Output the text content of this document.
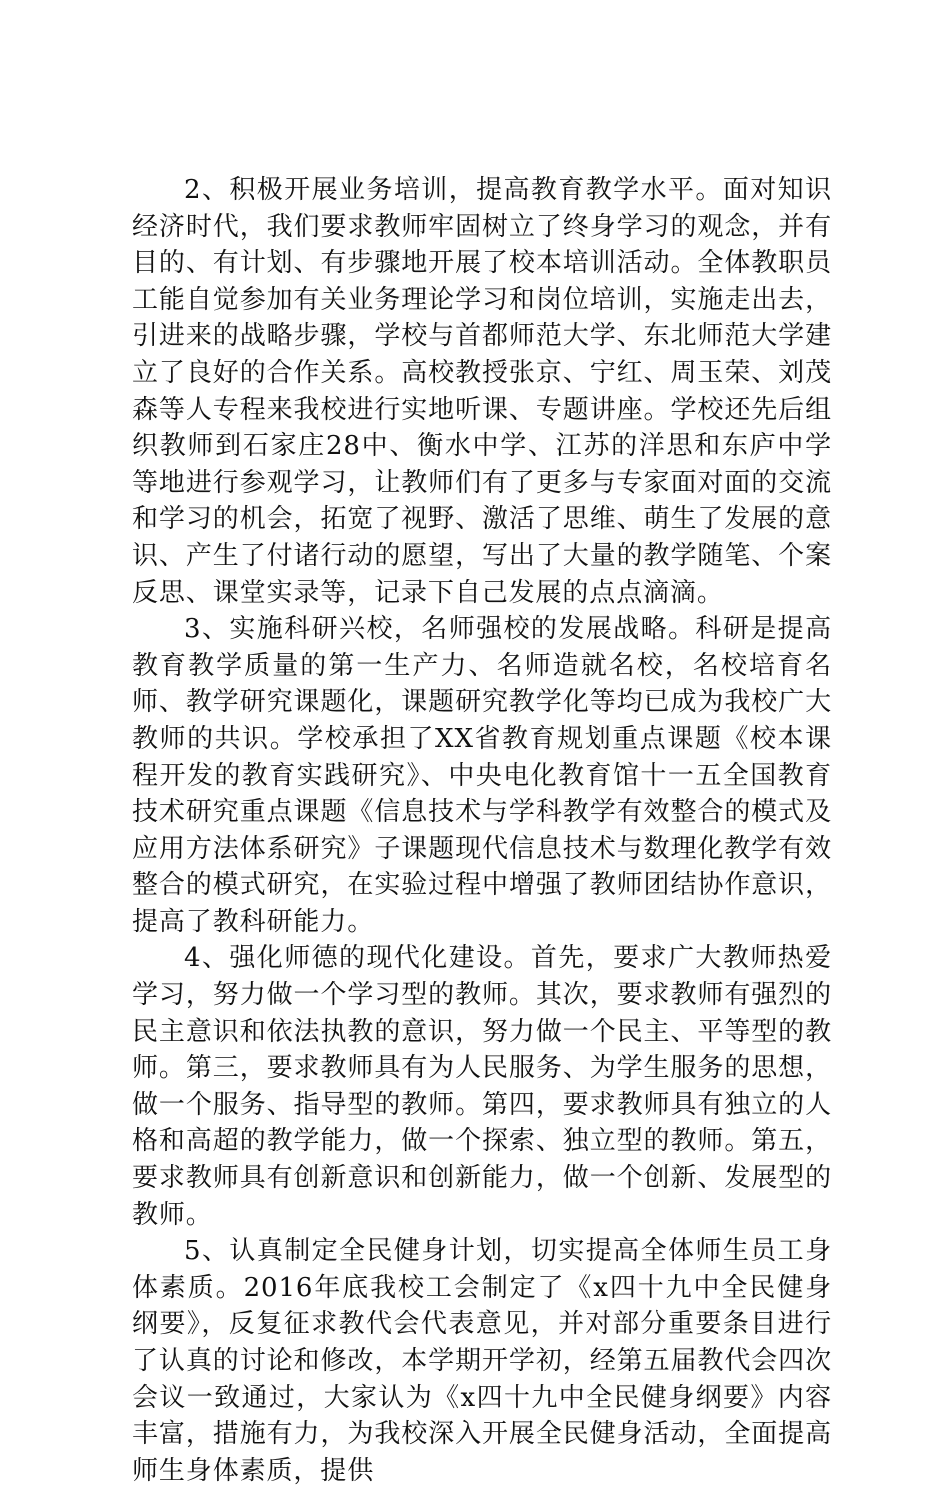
2、积极开展业务培训，提高教育教学水平。面对知识经济时代，我们要求教师牢固树立了终身学习的观念，并有目的、有计划、有步骤地开展了校本培训活动。全体教职员工能自觉参加有关业务理论学习和岗位培训，实施走出去，引进来的战略步骤，学校与首都师范大学、东北师范大学建立了良好的合作关系。高校教授张京、宁红、周玉荣、刘茂森等人专程来我校进行实地听课、专题讲座。学校还先后组织教师到石家庄28中、衡水中学、江苏的洋思和东庐中学等地进行参观学习，让教师们有了更多与专家面对面的交流和学习的机会，拓宽了视野、激活了思维、萌生了发展的意识、产生了付诸行动的愿望，写出了大量的教学随笔、个案反思、课堂实录等，记录下自己发展的点点滴滴。

3、实施科研兴校，名师强校的发展战略。科研是提高教育教学质量的第一生产力、名师造就名校，名校培育名师、教学研究课题化，课题研究教学化等均已成为我校广大教师的共识。学校承担了XX省教育规划重点课题《校本课程开发的教育实践研究》、中央电化教育馆十一五全国教育技术研究重点课题《信息技术与学科教学有效整合的模式及应用方法体系研究》子课题现代信息技术与数理化教学有效整合的模式研究，在实验过程中增强了教师团结协作意识，提高了教科研能力。

4、强化师德的现代化建设。首先，要求广大教师热爱学习，努力做一个学习型的教师。其次，要求教师有强烈的民主意识和依法执教的意识，努力做一个民主、平等型的教师。第三，要求教师具有为人民服务、为学生服务的思想，做一个服务、指导型的教师。第四，要求教师具有独立的人格和高超的教学能力，做一个探索、独立型的教师。第五，要求教师具有创新意识和创新能力，做一个创新、发展型的教师。

5、认真制定全民健身计划，切实提高全体师生员工身体素质。2016年底我校工会制定了《x四十九中全民健身纲要》，反复征求教代会代表意见，并对部分重要条目进行了认真的讨论和修改，本学期开学初，经第五届教代会四次会议一致通过，大家认为《x四十九中全民健身纲要》内容丰富，措施有力，为我校深入开展全民健身活动，全面提高师生身体素质，提供
